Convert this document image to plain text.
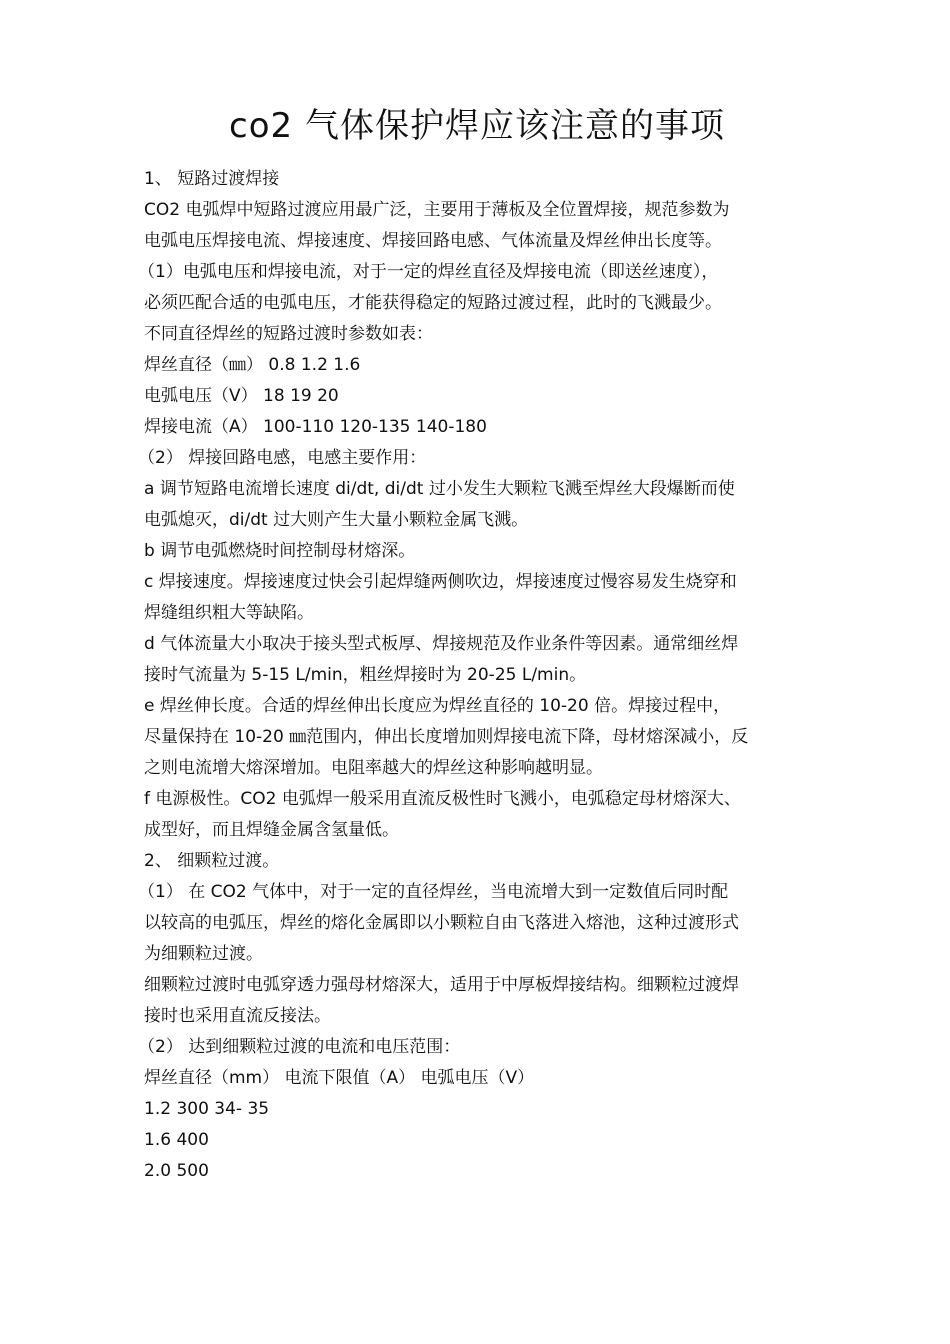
co2 气体保护焊应该注意的事项
1、 短路过渡焊接
CO2 电弧焊中短路过渡应用最广泛，主要用于薄板及全位置焊接，规范参数为
电弧电压焊接电流、焊接速度、焊接回路电感、气体流量及焊丝伸出长度等。
（1）电弧电压和焊接电流，对于一定的焊丝直径及焊接电流（即送丝速度），
必须匹配合适的电弧电压，才能获得稳定的短路过渡过程，此时的飞溅最少。
不同直径焊丝的短路过渡时参数如表：
焊丝直径（㎜） 0.8 1.2 1.6
电弧电压（V） 18 19 20
焊接电流（A） 100-110 120-135 140-180
（2） 焊接回路电感，电感主要作用：
a 调节短路电流增长速度 di/dt, di/dt 过小发生大颗粒飞溅至焊丝大段爆断而使
电弧熄灭，di/dt 过大则产生大量小颗粒金属飞溅。
b 调节电弧燃烧时间控制母材熔深。
c 焊接速度。焊接速度过快会引起焊缝两侧吹边，焊接速度过慢容易发生烧穿和
焊缝组织粗大等缺陷。
d 气体流量大小取决于接头型式板厚、焊接规范及作业条件等因素。通常细丝焊
接时气流量为 5-15 L/min，粗丝焊接时为 20-25 L/min。
e 焊丝伸长度。合适的焊丝伸出长度应为焊丝直径的 10-20 倍。焊接过程中，
尽量保持在 10-20 ㎜范围内，伸出长度增加则焊接电流下降，母材熔深减小，反
之则电流增大熔深增加。电阻率越大的焊丝这种影响越明显。
f 电源极性。CO2 电弧焊一般采用直流反极性时飞溅小，电弧稳定母材熔深大、
成型好，而且焊缝金属含氢量低。
2、 细颗粒过渡。
（1） 在 CO2 气体中，对于一定的直径焊丝，当电流增大到一定数值后同时配
以较高的电弧压，焊丝的熔化金属即以小颗粒自由飞落进入熔池，这种过渡形式
为细颗粒过渡。
细颗粒过渡时电弧穿透力强母材熔深大，适用于中厚板焊接结构。细颗粒过渡焊
接时也采用直流反接法。
（2） 达到细颗粒过渡的电流和电压范围：
焊丝直径（mm） 电流下限值（A） 电弧电压（V）
1.2 300 34- 35
1.6 400
2.0 500
